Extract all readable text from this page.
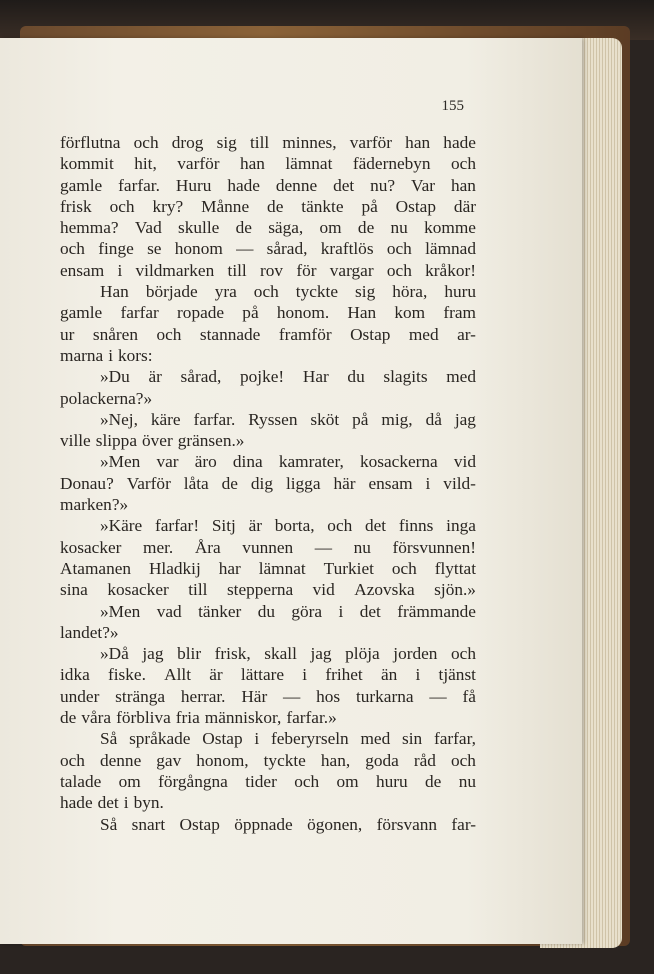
155
förflutna och drog sig till minnes, varför han hade
kommit hit, varför han lämnat fädernebyn och
gamle farfar. Huru hade denne det nu? Var han
frisk och kry? Månne de tänkte på Ostap där
hemma? Vad skulle de säga, om de nu komme
och finge se honom — sårad, kraftlös och lämnad
ensam i vildmarken till rov för vargar och kråkor!
Han började yra och tyckte sig höra, huru
gamle farfar ropade på honom. Han kom fram
ur snåren och stannade framför Ostap med ar-
marna i kors:
»Du är sårad, pojke! Har du slagits med
polackerna?»
»Nej, käre farfar. Ryssen sköt på mig, då jag
ville slippa över gränsen.»
»Men var äro dina kamrater, kosackerna vid
Donau? Varför låta de dig ligga här ensam i vild-
marken?»
»Käre farfar! Sitj är borta, och det finns inga
kosacker mer. Åra vunnen — nu försvunnen!
Atamanen Hladkij har lämnat Turkiet och flyttat
sina kosacker till stepperna vid Azovska sjön.»
»Men vad tänker du göra i det främmande
landet?»
»Då jag blir frisk, skall jag plöja jorden och
idka fiske. Allt är lättare i frihet än i tjänst
under stränga herrar. Här — hos turkarna — få
de våra förbliva fria människor, farfar.»
Så språkade Ostap i feberyrseln med sin farfar,
och denne gav honom, tyckte han, goda råd och
talade om förgångna tider och om huru de nu
hade det i byn.
Så snart Ostap öppnade ögonen, försvann far-
